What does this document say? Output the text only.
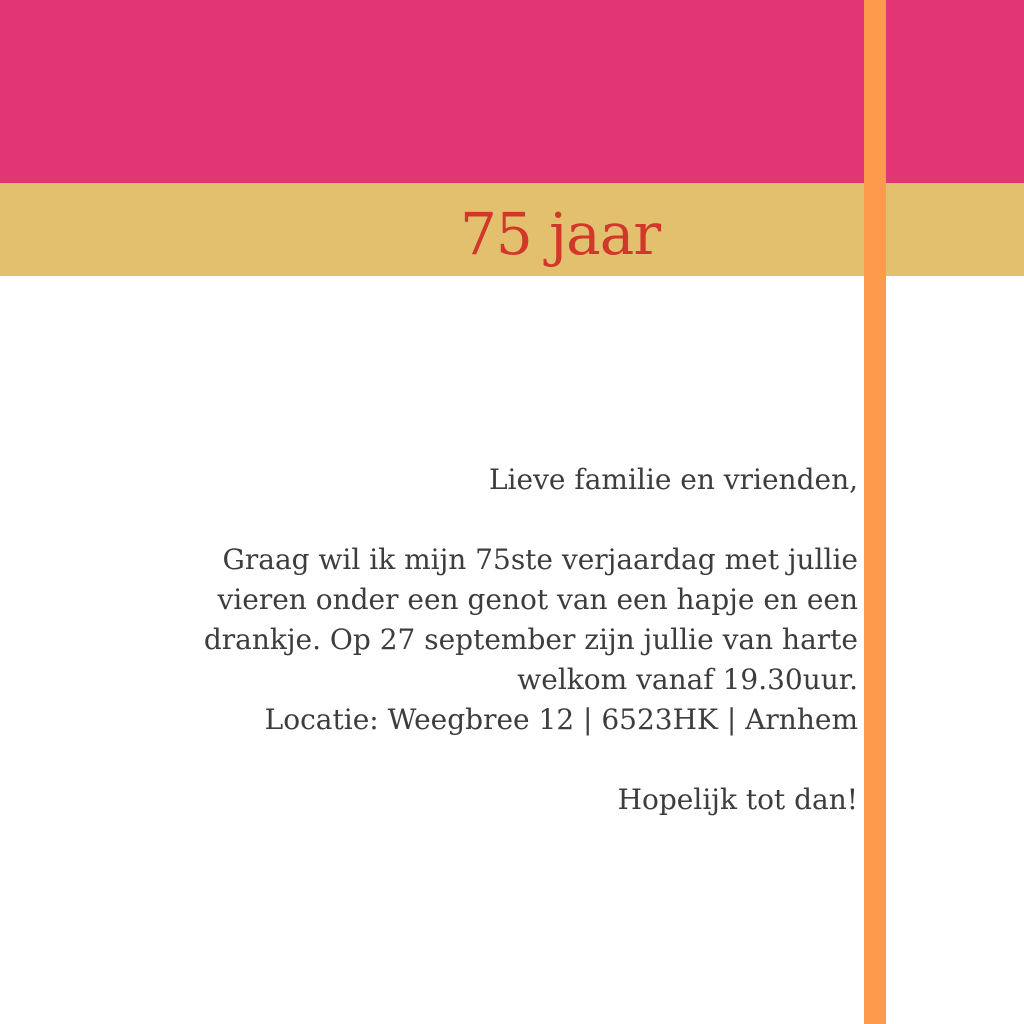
75 jaar
Lieve familie en vrienden,
Graag wil ik mijn 75ste verjaardag met jullie
vieren onder een genot van een hapje en een
drankje. Op 27 september zijn jullie van harte
welkom vanaf 19.30uur.
Locatie: Weegbree 12 | 6523HK | Arnhem
Hopelijk tot dan!
